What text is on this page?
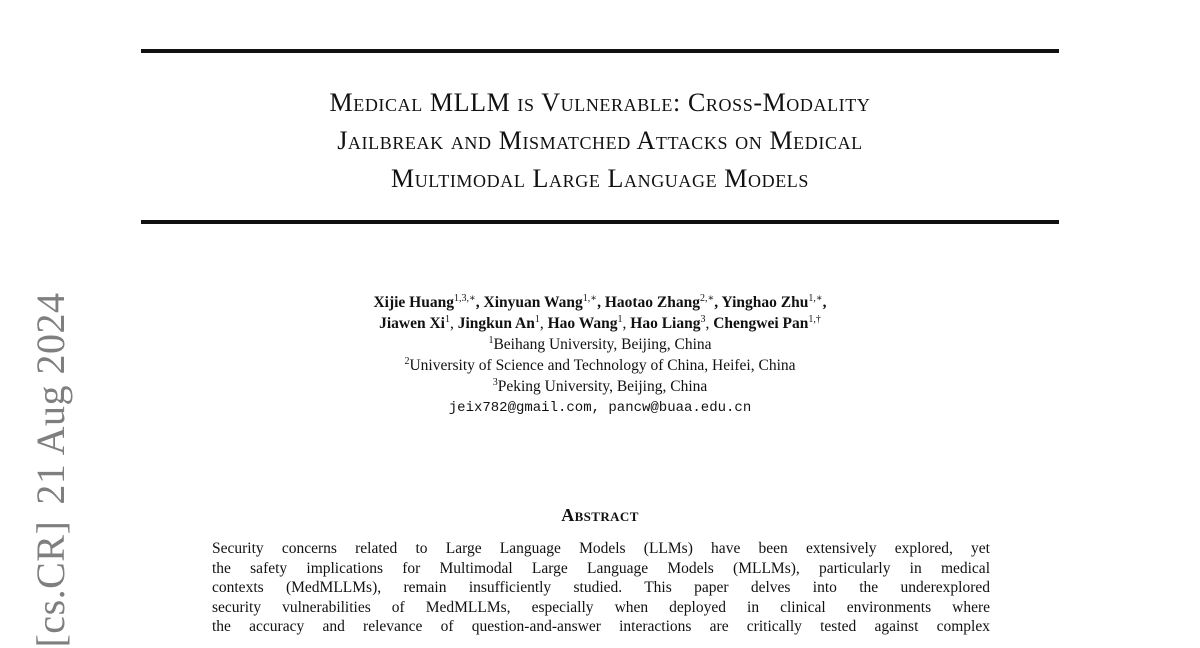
[cs.CR]21 Aug 2024
Medical MLLM is Vulnerable: Cross-Modality
Jailbreak and Mismatched Attacks on Medical
Multimodal Large Language Models
Xijie Huang$^{1,3,∗}$, Xinyuan Wang$^{1,∗}$, Haotao Zhang$^{2,∗}$, Yinghao Zhu$^{1,∗}$,
Jiawen Xi$^1$, Jingkun An$^1$, Hao Wang$^1$, Hao Liang$^3$, Chengwei Pan$^{1,\dagger}$
$^1$Beihang University, Beijing, China
$^2$University of Science and Technology of China, Heifei, China
$^3$Peking University, Beijing, China
jeix782@gmail.com, pancw@buaa.edu.cn
Abstract
Security concerns related to Large Language Models (LLMs) have been extensively explored, yet
the safety implications for Multimodal Large Language Models (MLLMs), particularly in medical
contexts (MedMLLMs), remain insufficiently studied. This paper delves into the underexplored
security vulnerabilities of MedMLLMs, especially when deployed in clinical environments where
the accuracy and relevance of question-and-answer interactions are critically tested against complex
